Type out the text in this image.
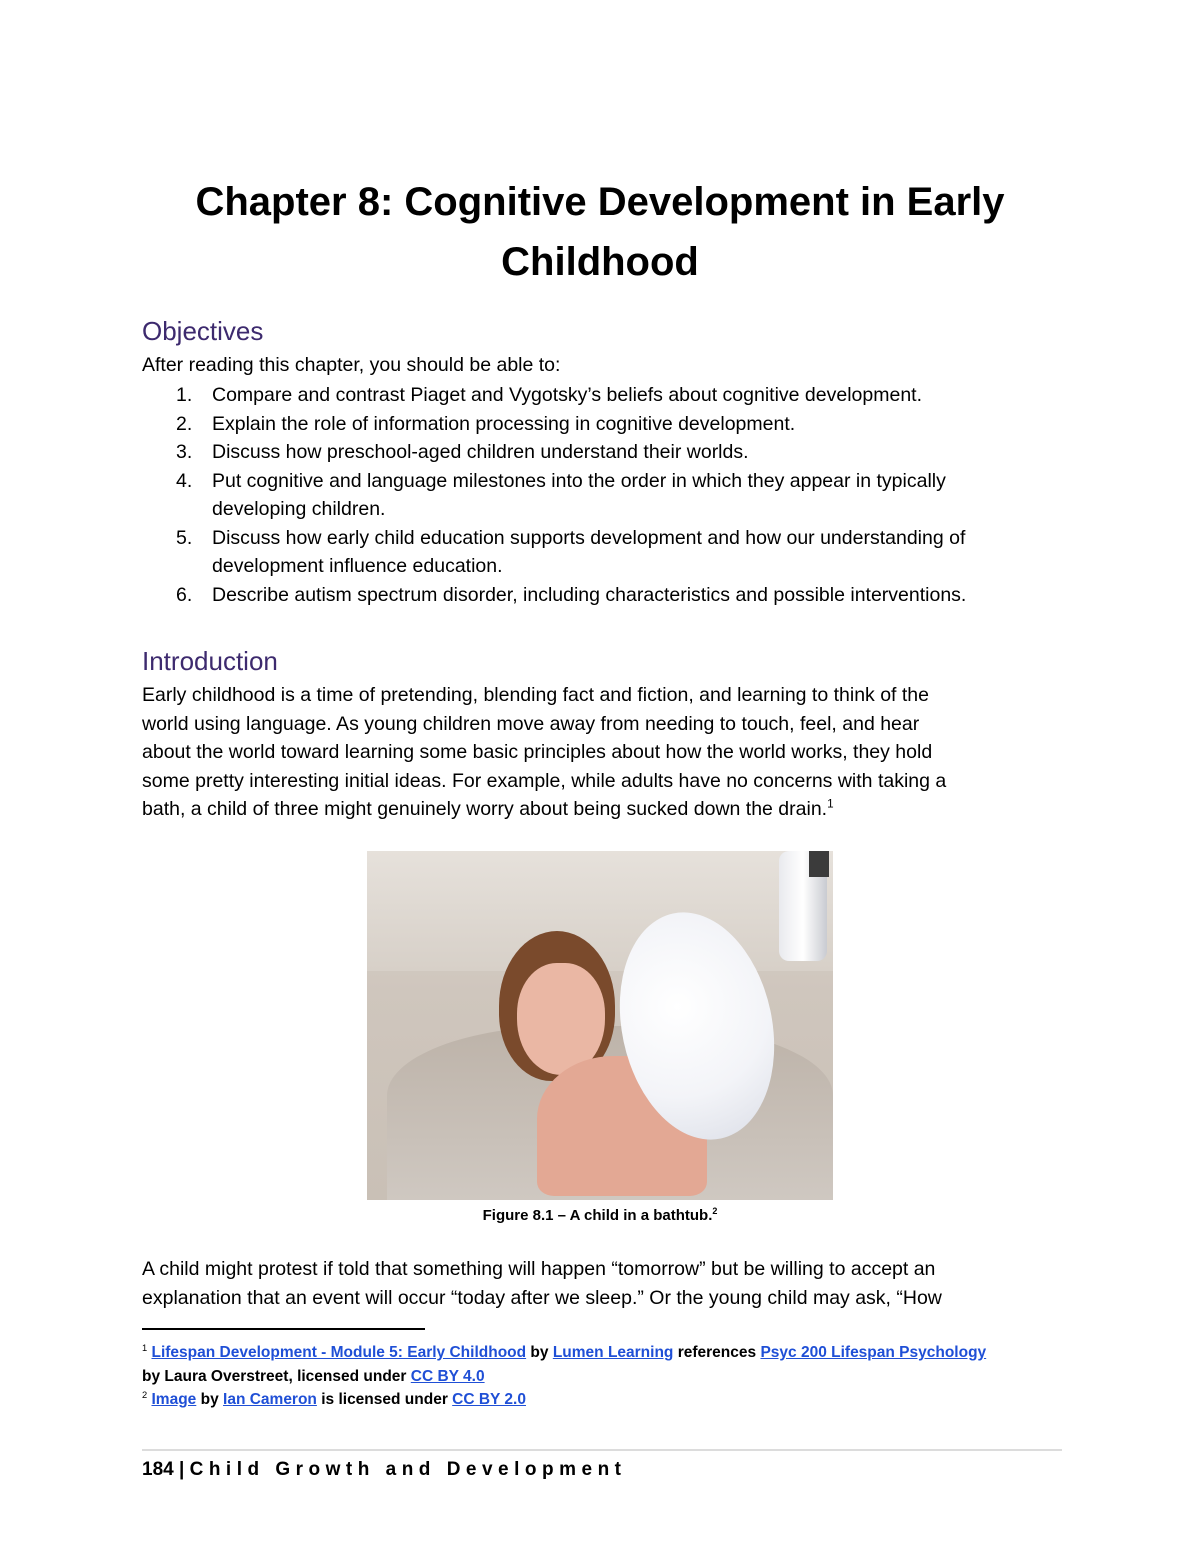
Chapter 8: Cognitive Development in Early
Childhood
Objectives

After reading this chapter, you should be able to:

1. Compare and contrast Piaget and Vygotsky’s beliefs about cognitive development.
2. Explain the role of information processing in cognitive development.
3. Discuss how preschool-aged children understand their worlds.
4. Put cognitive and language milestones into the order in which they appear in typically
developing children.
5. Discuss how early child education supports development and how our understanding of
development influence education.
6. Describe autism spectrum disorder, including characteristics and possible interventions.
Introduction

Early childhood is a time of pretending, blending fact and fiction, and learning to think of the
world using language. As young children move away from needing to touch, feel, and hear
about the world toward learning some basic principles about how the world works, they hold
some pretty interesting initial ideas. For example, while adults have no concerns with taking a
bath, a child of three might genuinely worry about being sucked down the drain.$^1$

Figure 8.1 – A child in a bathtub.$^2$

A child might protest if told that something will happen “tomorrow” but be willing to accept an
explanation that an event will occur “today after we sleep.” Or the young child may ask, “How

$^1$ Lifespan Development - Module 5: Early Childhood by Lumen Learning references Psyc 200 Lifespan Psychology
by Laura Overstreet, licensed under CC BY 4.0

$^2$ Image by Ian Cameron is licensed under CC BY 2.0

184 | Child Growth and Development
